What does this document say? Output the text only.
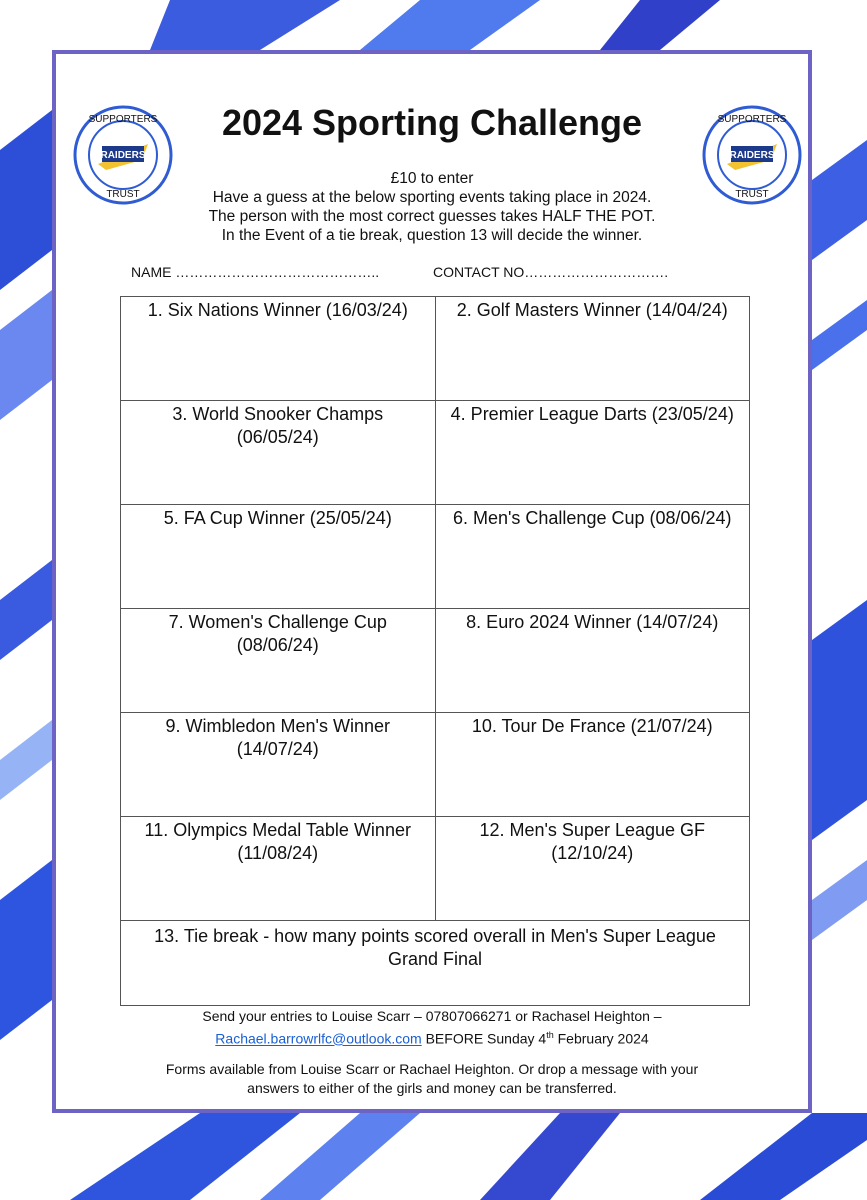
SUPPORTERS
TRUST
RAIDERS
SUPPORTERS
TRUST
RAIDERS
2024 Sporting Challenge
£10 to enter
Have a guess at the below sporting events taking place in 2024.
The person with the most correct guesses takes HALF THE POT.
In the Event of a tie break, question 13 will decide the winner.
NAME ……………………………………..	CONTACT NO………………………….
1. Six Nations Winner (16/03/24)	2. Golf Masters Winner (14/04/24)
3. World Snooker Champs (06/05/24)	4. Premier League Darts (23/05/24)
5. FA Cup Winner (25/05/24)	6. Men's Challenge Cup (08/06/24)
7. Women's Challenge Cup (08/06/24)	8. Euro 2024 Winner (14/07/24)
9. Wimbledon Men's Winner (14/07/24)	10. Tour De France (21/07/24)
11. Olympics Medal Table Winner (11/08/24)	12. Men's Super League GF (12/10/24)
13. Tie break - how many points scored overall in Men's Super League Grand Final	
Send your entries to Louise Scarr – 07807066271 or Rachasel Heighton –
Rachael.barrowrlfc@outlook.com BEFORE Sunday 4th February 2024
Forms available from Louise Scarr or Rachael Heighton. Or drop a message with your
answers to either of the girls and money can be transferred.
